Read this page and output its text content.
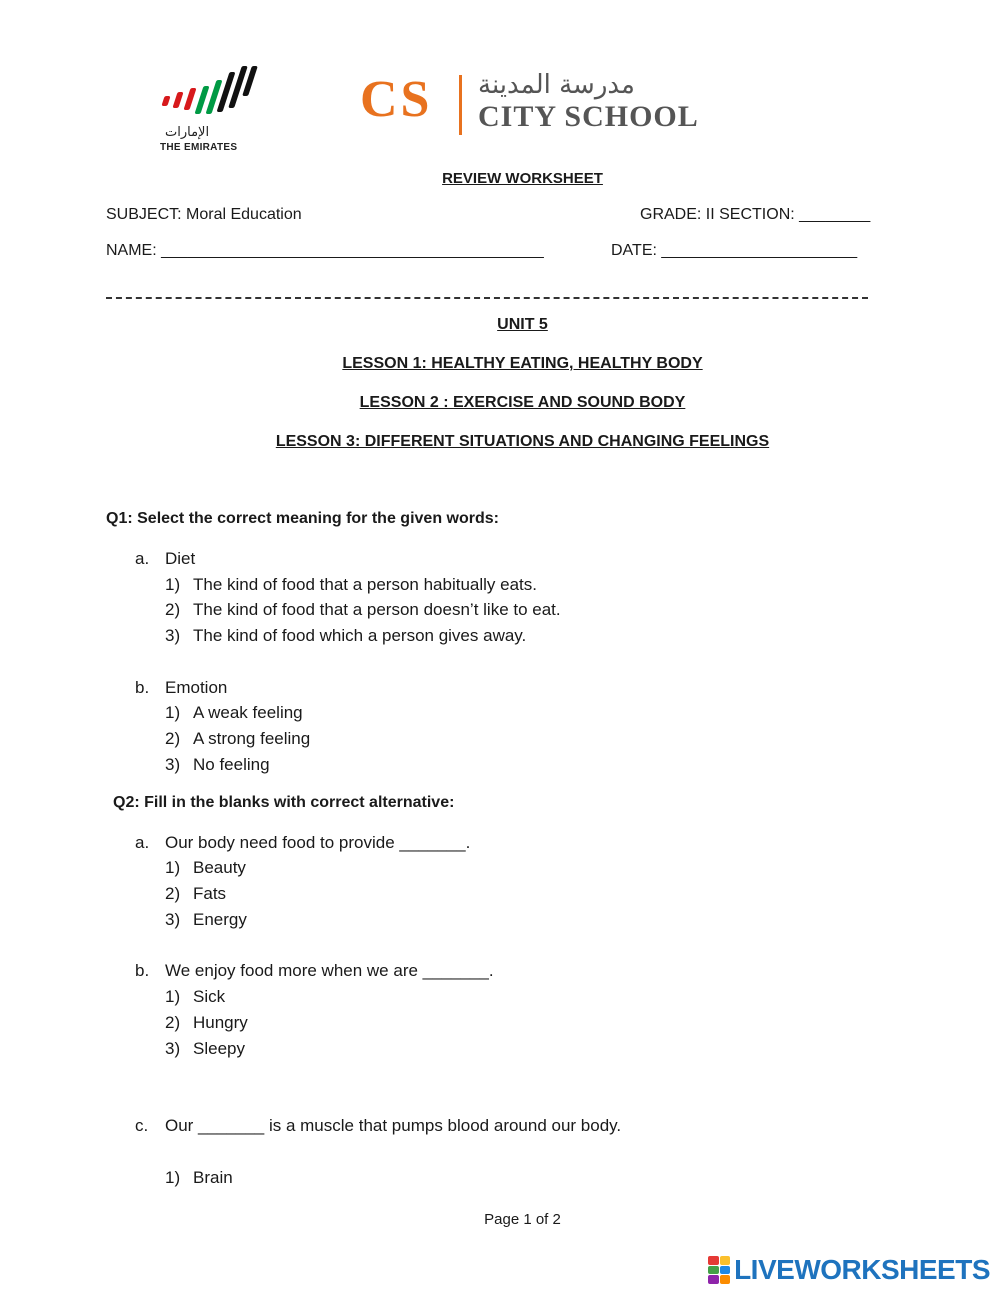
الإمارات
THE EMIRATES
CS مدرسة المدينة
CITY SCHOOL
REVIEW WORKSHEET
SUBJECT: Moral Education	GRADE: II SECTION: ________
NAME: ___________________________________________	DATE: ______________________
UNIT 5
LESSON 1: HEALTHY EATING, HEALTHY BODY
LESSON 2 : EXERCISE AND SOUND BODY
LESSON 3: DIFFERENT SITUATIONS AND CHANGING FEELINGS
Q1: Select the correct meaning for the given words:
a. Diet
1) The kind of food that a person habitually eats.
2) The kind of food that a person doesn’t like to eat.
3) The kind of food which a person gives away.
b. Emotion
1) A weak feeling
2) A strong feeling
3) No feeling
Q2: Fill in the blanks with correct alternative:
a. Our body need food to provide _______.
1) Beauty
2) Fats
3) Energy
b. We enjoy food more when we are _______.
1) Sick
2) Hungry
3) Sleepy
c. Our _______ is a muscle that pumps blood around our body.
1) Brain
Page 1 of 2
LIVEWORKSHEETS
